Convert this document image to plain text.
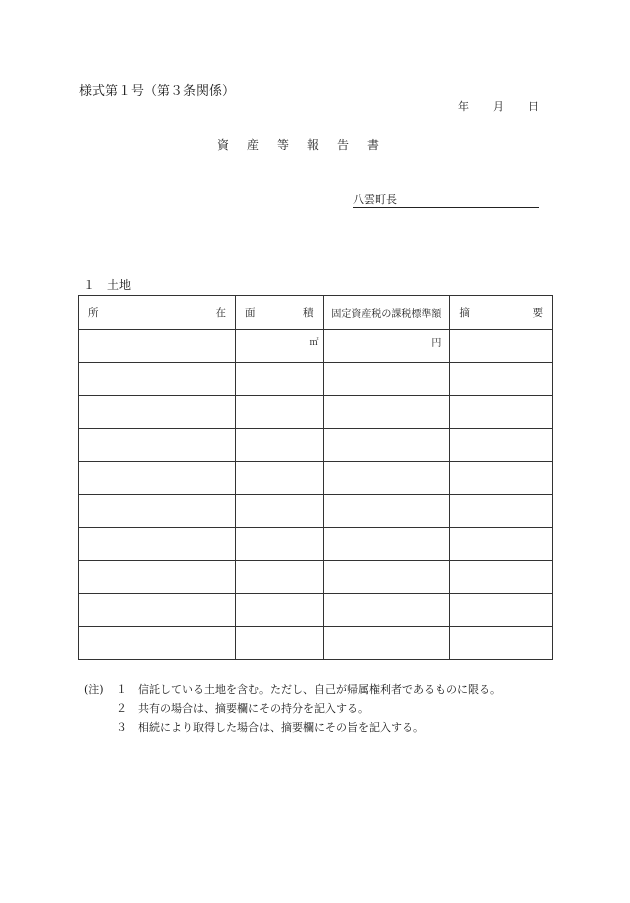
様式第１号（第３条関係）
年	月	日
資	産	等	報	告	書
八雲町長
１　土地
所 在	面 積	固定資産税の課税標準額	摘 要

	㎡	円	

(注)	１	信託している土地を含む。ただし、自己が帰属権利者であるものに限る。
２	共有の場合は、摘要欄にその持分を記入する。
３	相続により取得した場合は、摘要欄にその旨を記入する。
